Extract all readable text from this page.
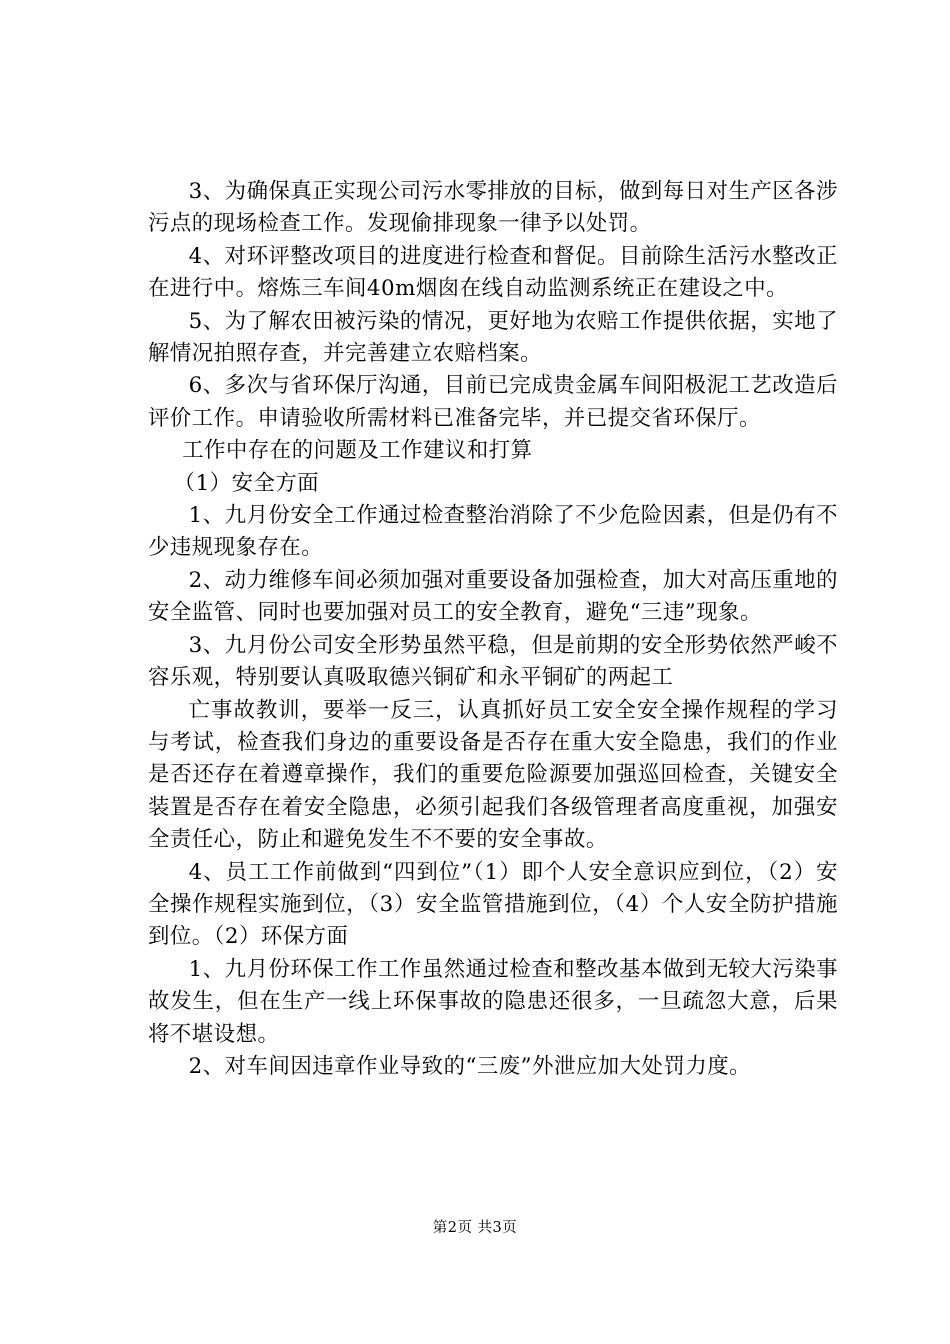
3、为确保真正实现公司污水零排放的目标，做到每日对生产区各涉污点的现场检查工作。发现偷排现象一律予以处罚。

4、对环评整改项目的进度进行检查和督促。目前除生活污水整改正在进行中。熔炼三车间40m烟囱在线自动监测系统正在建设之中。

5、为了解农田被污染的情况，更好地为农赔工作提供依据，实地了解情况拍照存查，并完善建立农赔档案。

6、多次与省环保厅沟通，目前已完成贵金属车间阳极泥工艺改造后评价工作。申请验收所需材料已准备完毕，并已提交省环保厅。

工作中存在的问题及工作建议和打算

（1）安全方面

1、九月份安全工作通过检查整治消除了不少危险因素，但是仍有不少违规现象存在。

2、动力维修车间必须加强对重要设备加强检查，加大对高压重地的安全监管、同时也要加强对员工的安全教育，避免“三违”现象。

3、九月份公司安全形势虽然平稳，但是前期的安全形势依然严峻不容乐观，特别要认真吸取德兴铜矿和永平铜矿的两起工

亡事故教训，要举一反三，认真抓好员工安全安全操作规程的学习与考试，检查我们身边的重要设备是否存在重大安全隐患，我们的作业是否还存在着遵章操作，我们的重要危险源要加强巡回检查，关键安全装置是否存在着安全隐患，必须引起我们各级管理者高度重视，加强安全责任心，防止和避免发生不不要的安全事故。

4、员工工作前做到“四到位”（1）即个人安全意识应到位，（2）安全操作规程实施到位，（3）安全监管措施到位，（4）个人安全防护措施到位。（2）环保方面

1、九月份环保工作工作虽然通过检查和整改基本做到无较大污染事故发生，但在生产一线上环保事故的隐患还很多，一旦疏忽大意，后果将不堪设想。

2、对车间因违章作业导致的“三废”外泄应加大处罚力度。

第2页 共3页
